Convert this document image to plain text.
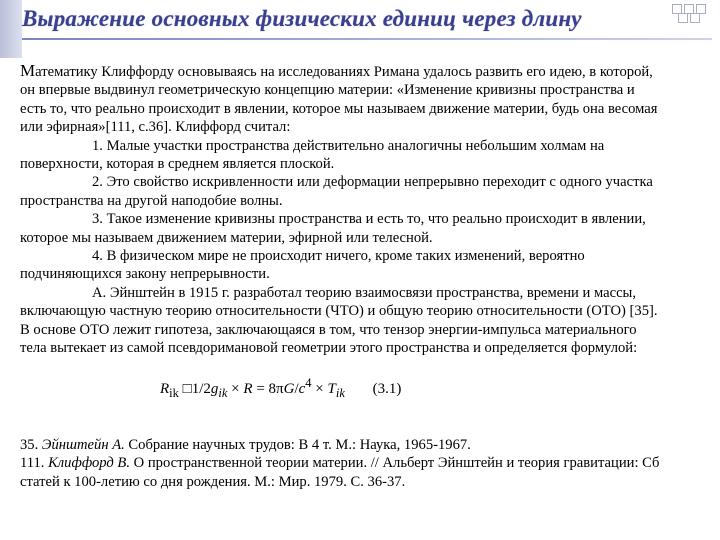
Выражение основных физических единиц через длину

Математику Клиффорду основываясь на исследованиях Римана удалось развить его идею, в которой,

он впервые выдвинул геометрическую концепцию материи: «Изменение кривизны пространства и

есть то, что реально происходит в явлении, которое мы называем движение материи, будь она весомая

или эфирная»[111, с.36]. Клиффорд считал:

1. Малые участки пространства действительно аналогичны небольшим холмам на

поверхности, которая в среднем является плоской.

2. Это свойство искривленности или деформации непрерывно переходит с одного участка

пространства на другой наподобие волны.

3. Такое изменение кривизны пространства и есть то, что реально происходит в явлении,

которое мы называем движением материи, эфирной или телесной.

4. В физическом мире не происходит ничего, кроме таких изменений, вероятно

подчиняющихся закону непрерывности.

А. Эйнштейн в 1915 г. разработал теорию взаимосвязи пространства, времени и массы,

включающую частную теорию относительности (ЧТО) и общую теорию относительности (ОТО) [35].

В основе ОТО лежит гипотеза, заключающаяся в том, что тензор энергии-импульса материального

тела вытекает из самой псевдоримановой геометрии этого пространства и определяется формулой:

$R_{ik}$ $□1/2g_{ik} \times R = 8\pi G/c^4 \times T_{ik}$ (3.1)

35. Эйнштейн А. Собрание научных трудов: В 4 т. М.: Наука, 1965-1967.

111. Клиффорд В. О пространственной теории материи. // Альберт Эйнштейн и теория гравитации: Сб

статей к 100-летию со дня рождения. М.: Мир. 1979. С. 36-37.
